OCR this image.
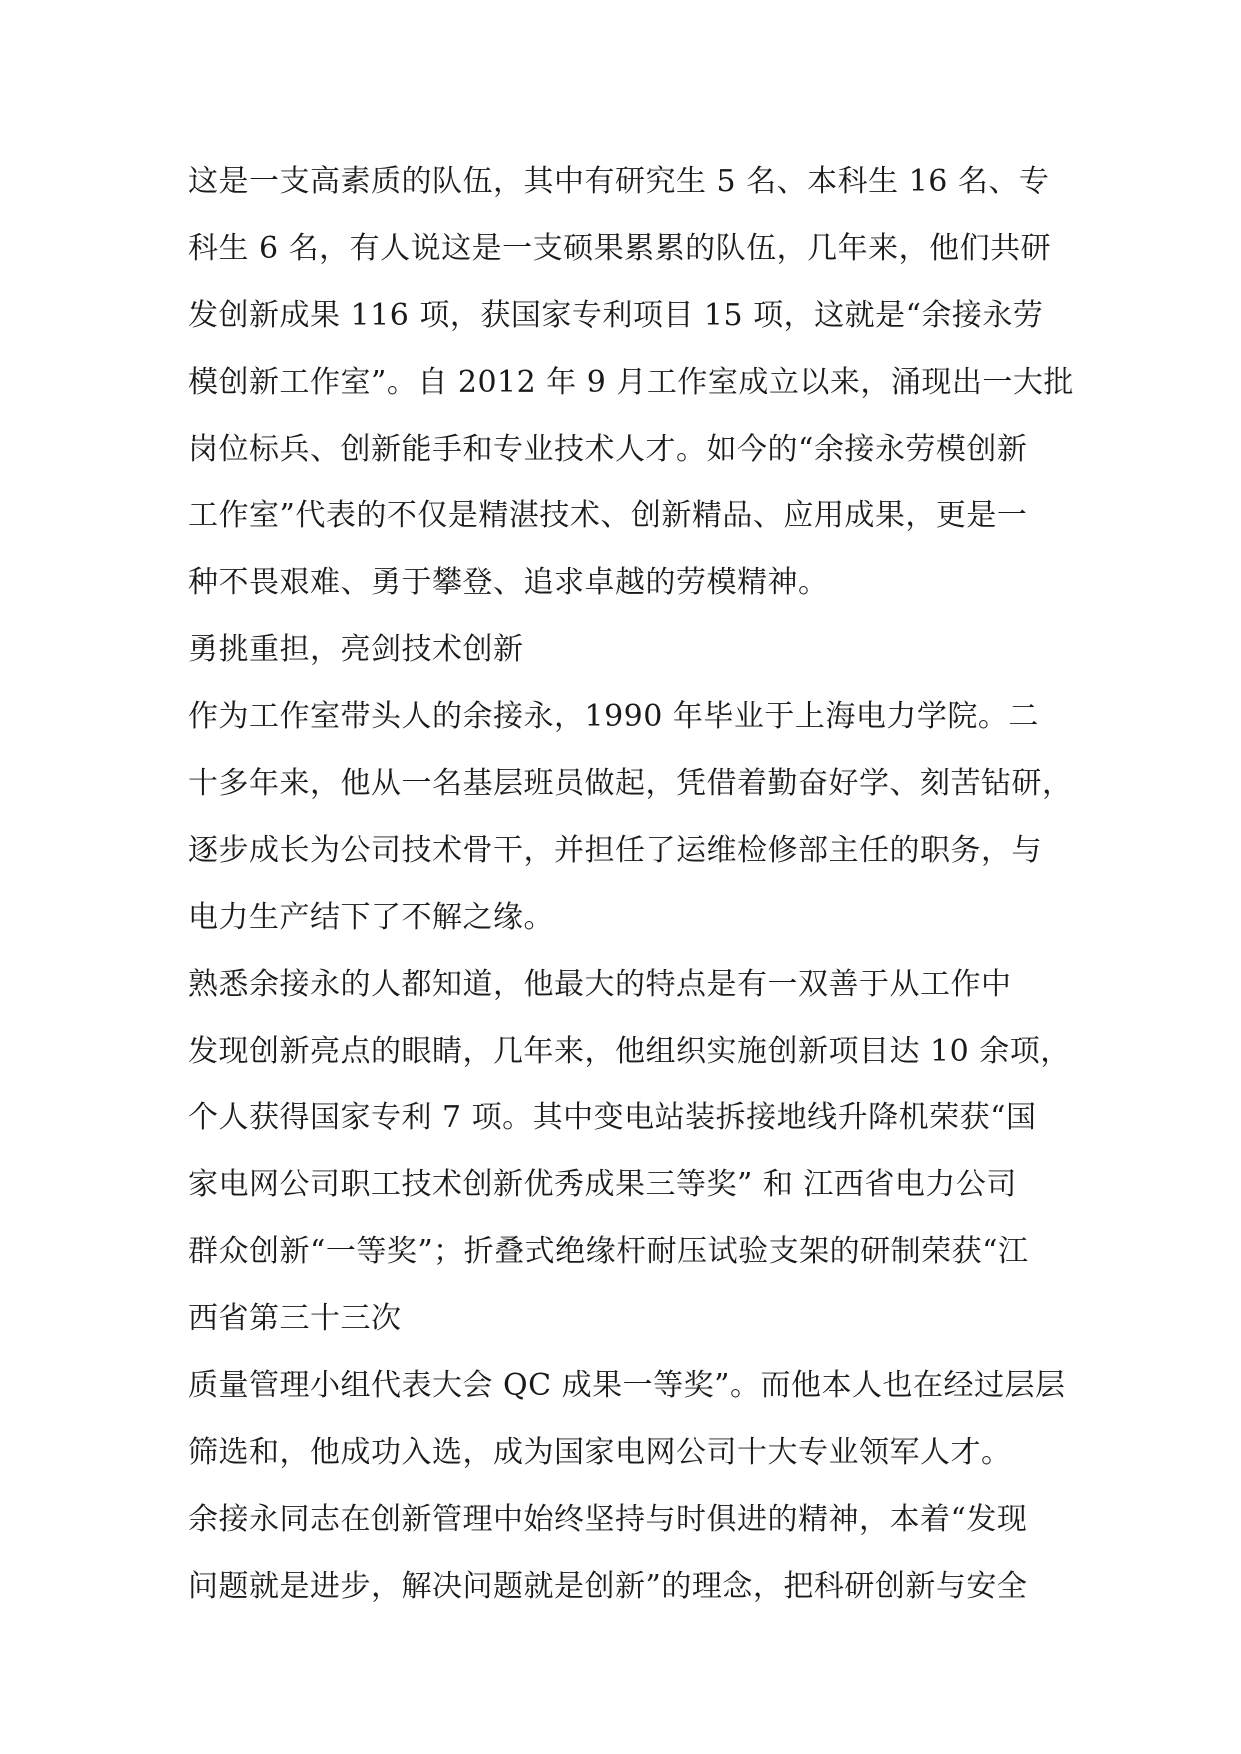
这是一支高素质的队伍，其中有研究生 5 名、本科生 16 名、专
科生 6 名，有人说这是一支硕果累累的队伍，几年来，他们共研
发创新成果 116 项，获国家专利项目 15 项，这就是“余接永劳
模创新工作室”。自 2012 年 9 月工作室成立以来，涌现出一大批
岗位标兵、创新能手和专业技术人才。如今的“余接永劳模创新
工作室”代表的不仅是精湛技术、创新精品、应用成果，更是一
种不畏艰难、勇于攀登、追求卓越的劳模精神。
勇挑重担，亮剑技术创新
作为工作室带头人的余接永，1990 年毕业于上海电力学院。二
十多年来，他从一名基层班员做起，凭借着勤奋好学、刻苦钻研，
逐步成长为公司技术骨干，并担任了运维检修部主任的职务，与
电力生产结下了不解之缘。
熟悉余接永的人都知道，他最大的特点是有一双善于从工作中
发现创新亮点的眼睛，几年来，他组织实施创新项目达 10 余项，
个人获得国家专利 7 项。其中变电站装拆接地线升降机荣获“国
家电网公司职工技术创新优秀成果三等奖” 和 江西省电力公司
群众创新“一等奖”；折叠式绝缘杆耐压试验支架的研制荣获“江
西省第三十三次
质量管理小组代表大会 QC 成果一等奖”。而他本人也在经过层层
筛选和，他成功入选，成为国家电网公司十大专业领军人才。
余接永同志在创新管理中始终坚持与时俱进的精神，本着“发现
问题就是进步，解决问题就是创新”的理念，把科研创新与安全
